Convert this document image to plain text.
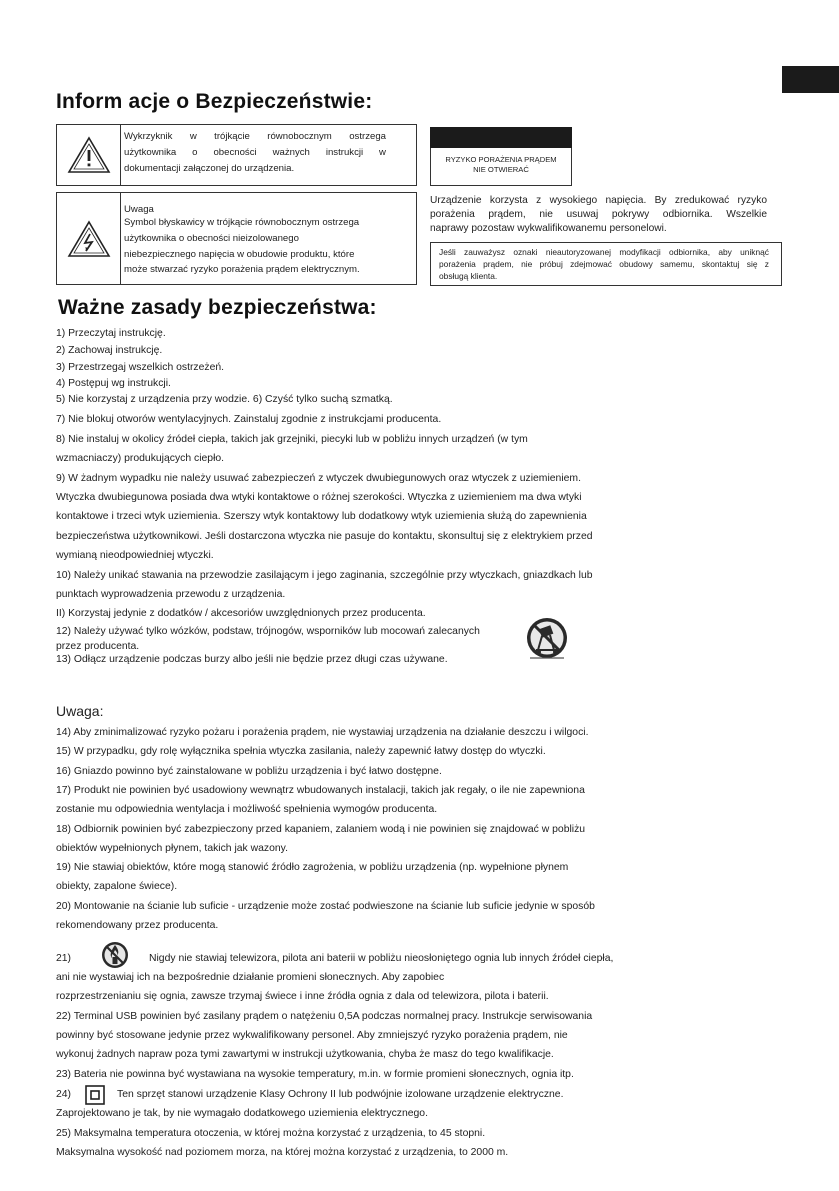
Inform acje o Bezpieczeństwie:
Wykrzyknik w trójkącie równobocznym ostrzega
użytkownika o obecności ważnych instrukcji w
dokumentacji załączonej do urządzenia.
Uwaga
Symbol błyskawicy w trójkącie równobocznym ostrzega
użytkownika o obecności nieizolowanego
niebezpiecznego napięcia w obudowie produktu, które
może stwarzać ryzyko porażenia prądem elektrycznym.
RYZYKO PORAŻENIA PRĄDEM
NIE OTWIERAĆ
Urządzenie korzysta z wysokiego napięcia. By zredukować ryzyko
porażenia prądem, nie usuwaj pokrywy odbiornika. Wszelkie
naprawy pozostaw wykwalifikowanemu personelowi.
Jeśli zauważysz oznaki nieautoryzowanej modyfikacji odbiornika, aby uniknąć
porażenia prądem, nie próbuj zdejmować obudowy samemu, skontaktuj się z
obsługą klienta.
Ważne zasady bezpieczeństwa:
1) Przeczytaj instrukcję.
2) Zachowaj instrukcję.
3) Przestrzegaj wszelkich ostrzeżeń.
4) Postępuj wg instrukcji.
5) Nie korzystaj z urządzenia przy wodzie. 6) Czyść tylko suchą szmatką.
7) Nie blokuj otworów wentylacyjnych. Zainstaluj zgodnie z instrukcjami producenta.
8) Nie instaluj w okolicy źródeł ciepła, takich jak grzejniki, piecyki lub w pobliżu innych urządzeń (w tym
wzmacniaczy) produkujących ciepło.
9) W żadnym wypadku nie należy usuwać zabezpieczeń z wtyczek dwubiegunowych oraz wtyczek z uziemieniem.
Wtyczka dwubiegunowa posiada dwa wtyki kontaktowe o różnej szerokości. Wtyczka z uziemieniem ma dwa wtyki
kontaktowe i trzeci wtyk uziemienia. Szerszy wtyk kontaktowy lub dodatkowy wtyk uziemienia służą do zapewnienia
bezpieczeństwa użytkownikowi. Jeśli dostarczona wtyczka nie pasuje do kontaktu, skonsultuj się z elektrykiem przed
wymianą nieodpowiedniej wtyczki.
10) Należy unikać stawania na przewodzie zasilającym i jego zaginania, szczególnie przy wtyczkach, gniazdkach lub
punktach wyprowadzenia przewodu z urządzenia.
II) Korzystaj jedynie z dodatków / akcesoriów uwzględnionych przez producenta.
12) Należy używać tylko wózków, podstaw, trójnogów, wsporników lub mocowań zalecanych
przez producenta.
13) Odłącz urządzenie podczas burzy albo jeśli nie będzie przez długi czas używane.
Uwaga:
14) Aby zminimalizować ryzyko pożaru i porażenia prądem, nie wystawiaj urządzenia na działanie deszczu i wilgoci.
15) W przypadku, gdy rolę wyłącznika spełnia wtyczka zasilania, należy zapewnić łatwy dostęp do wtyczki.
16) Gniazdo powinno być zainstalowane w pobliżu urządzenia i być łatwo dostępne.
17) Produkt nie powinien być usadowiony wewnątrz wbudowanych instalacji, takich jak regały, o ile nie zapewniona
zostanie mu odpowiednia wentylacja i możliwość spełnienia wymogów producenta.
18) Odbiornik powinien być zabezpieczony przed kapaniem, zalaniem wodą i nie powinien się znajdować w pobliżu
obiektów wypełnionych płynem, takich jak wazony.
19) Nie stawiaj obiektów, które mogą stanowić źródło zagrożenia, w pobliżu urządzenia (np. wypełnione płynem
obiekty, zapalone świece).
20) Montowanie na ścianie lub suficie - urządzenie może zostać podwieszone na ścianie lub suficie jedynie w sposób
rekomendowany przez producenta.
21)	Nigdy nie stawiaj telewizora, pilota ani baterii w pobliżu nieosłoniętego ognia lub innych źródeł ciepła,
ani nie wystawiaj ich na bezpośrednie działanie promieni słonecznych. Aby zapobiec
rozprzestrzenianiu się ognia, zawsze trzymaj świece i inne źródła ognia z dala od telewizora, pilota i baterii.
22) Terminal USB powinien być zasilany prądem o natężeniu 0,5A podczas normalnej pracy. Instrukcje serwisowania
powinny być stosowane jedynie przez wykwalifikowany personel. Aby zmniejszyć ryzyko porażenia prądem, nie
wykonuj żadnych napraw poza tymi zawartymi w instrukcji użytkowania, chyba że masz do tego kwalifikacje.
23) Bateria nie powinna być wystawiana na wysokie temperatury, m.in. w formie promieni słonecznych, ognia itp.
24)	Ten sprzęt stanowi urządzenie Klasy Ochrony II lub podwójnie izolowane urządzenie elektryczne.
Zaprojektowano je tak, by nie wymagało dodatkowego uziemienia elektrycznego.
25) Maksymalna temperatura otoczenia, w której można korzystać z urządzenia, to 45 stopni.
Maksymalna wysokość nad poziomem morza, na której można korzystać z urządzenia, to 2000 m.
